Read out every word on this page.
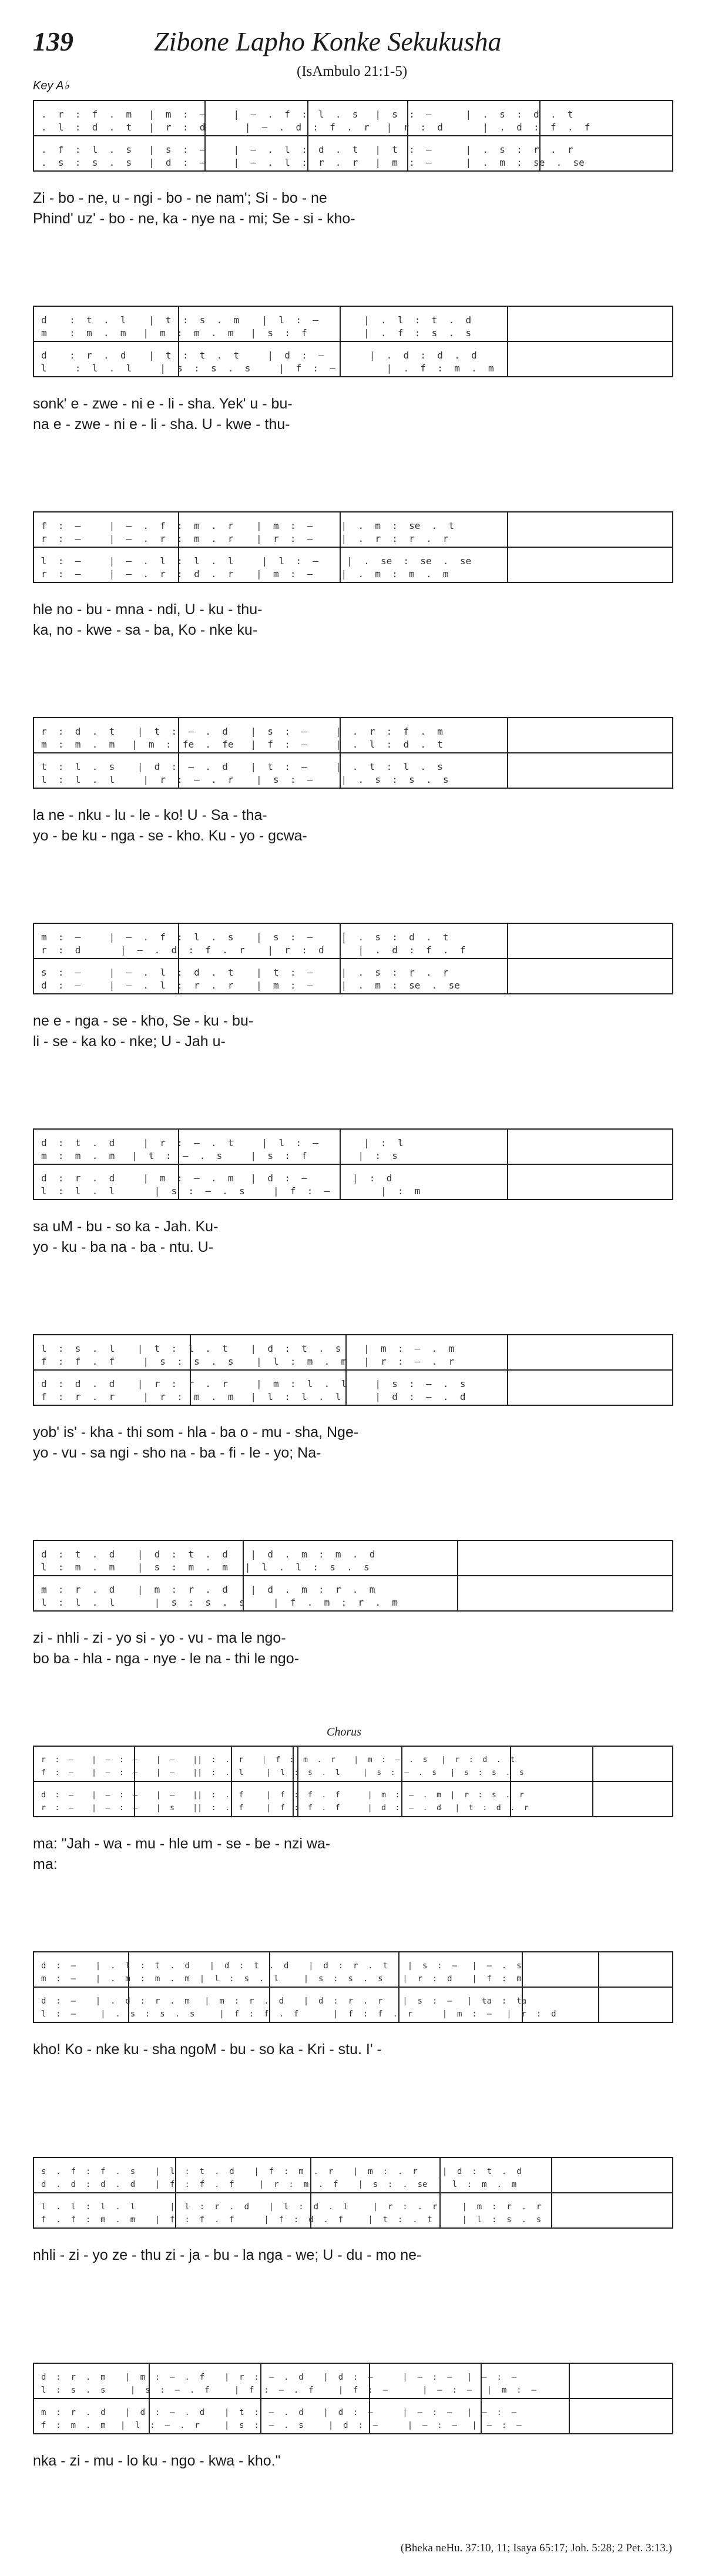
139	Zibone Lapho Konke Sekukusha
(IsAmbulo 21:1-5)
Key A♭
.  r  :  f  .  m   |  m  :  —     |  —  .  f  :  l  .  s   |  s  :  —      |  .  s  :  d  .  t
.  l  :  d  .  t   |  r  :  d       |  —  .  d  :  f  .  r   |  r  :  d       |  .  d  :  f  .  f
.  f  :  l  .  s   |  s  :  —     |  —  .  l  :  d  .  t   |  t  :  —      |  .  s  :  r  .  r
.  s  :  s  .  s   |  d  :  —     |  —  .  l  :  r  .  r   |  m  :  —      |  .  m  :  se  .  se
Zi - bo - ne, u - ngi - bo - ne nam'; Si - bo - ne
Phind' uz' - bo - ne, ka - nye na - mi; Se - si - kho-
d    :  t  .  l    |  t  :  s  .  m    |  l  :  —        |  .  l  :  t  .  d
m    :  m  .  m   |  m  :  m  .  m   |  s  :  f          |  .  f  :  s  .  s
d    :  r  .  d    |  t  :  t  .  t     |  d  :  —        |  .  d  :  d  .  d
l     :  l  .  l     |  s  :  s  .  s     |  f  :  —         |  .  f  :  m  .  m
sonk' e - zwe - ni e - li - sha. Yek' u - bu-
na e - zwe - ni e - li - sha. U - kwe - thu-
f  :  —     |  —  .  f  :  m  .  r    |  m  :  —     |  .  m  :  se  .  t
r  :  —     |  —  .  r  :  m  .  r    |  r  :  —     |  .  r  :  r  .  r
l  :  —     |  —  .  l  :  l  .  l     |  l  :  —     |  .  se  :  se  .  se
r  :  —     |  —  .  r  :  d  .  r    |  m  :  —     |  .  m  :  m  .  m
hle no - bu - mna - ndi, U - ku - thu-
ka, no - kwe - sa - ba, Ko - nke ku-
r  :  d  .  t    |  t  :  —  .  d    |  s  :  —     |  .  r  :  f  .  m
m  :  m  .  m   |  m  :  fe  .  fe   |  f  :  —     |  .  l  :  d  .  t
t  :  l  .  s    |  d  :  —  .  d    |  t  :  —     |  .  t  :  l  .  s
l  :  l  .  l     |  r  :  —  .  r    |  s  :  —     |  .  s  :  s  .  s
la ne - nku - lu - le - ko! U - Sa - tha-
yo - be ku - nga - se - kho. Ku - yo - gcwa-
m  :  —     |  —  .  f  :  l  .  s    |  s  :  —     |  .  s  :  d  .  t
r  :  d       |  —  .  d  :  f  .  r    |  r  :  d      |  .  d  :  f  .  f
s  :  —     |  —  .  l  :  d  .  t    |  t  :  —     |  .  s  :  r  .  r
d  :  —     |  —  .  l  :  r  .  r    |  m  :  —     |  .  m  :  se  .  se
ne e - nga - se - kho, Se - ku - bu-
li - se - ka ko - nke; U - Jah u-
d  :  t  .  d     |  r  :  —  .  t     |  l  :  —        |  :  l
m  :  m  .  m   |  t  :  —  .  s     |  s  :  f         |  :  s
d  :  r  .  d     |  m  :  —  .  m   |  d  :  —        |  :  d
l  :  l  .  l       |  s  :  —  .  s     |  f  :  —         |  :  m
sa uM - bu - so ka - Jah. Ku-
yo - ku - ba na - ba - ntu. U-
l  :  s  .  l    |  t  :  l  .  t    |  d  :  t  .  s    |  m  :  —  .  m
f  :  f  .  f     |  s  :  s  .  s    |  l  :  m  .  m   |  r  :  —  .  r
d  :  d  .  d    |  r  :  r  .  r     |  m  :  l  .  l     |  s  :  —  .  s
f  :  r  .  r     |  r  :  m  .  m   |  l  :  l  .  l      |  d  :  —  .  d
yob' is' - kha - thi som - hla - ba o - mu - sha, Nge-
yo - vu - sa ngi - sho na - ba - fi - le - yo; Na-
d  :  t  .  d    |  d  :  t  .  d    |  d  .  m  :  m  .  d
l  :  m  .  m    |  s  :  m  .  m   |  l  .  l  :  s  .  s
m  :  r  .  d    |  m  :  r  .  d    |  d  .  m  :  r  .  m
l  :  l  .  l       |  s  :  s  .  s     |  f  .  m  :  r  .  m
zi - nhli - zi - yo si - yo - vu - ma le ngo-
bo ba - hla - nga - nye - le na - thi le ngo-
Chorus
r  :  —    |  —  :  —    |  —    ||  :  .  r    |  f  :  m  .  r    |  m  :  —  .  s   |  r  :  d  .  t
f  :  —    |  —  :  —    |  —    ||  :  .  l     |  l  :  s  .  l     |  s  :  —  .  s   |  s  :  s  .  s
d  :  —    |  —  :  —    |  —    ||  :  .  f     |  f  :  f  .  f      |  m  :  —  .  m  |  r  :  s  .  r
r  :  —    |  —  :  —    |  s    ||  :  .  f     |  f  :  f  .  f      |  d  :  —  .  d   |  t  :  d  .  r
ma: "Jah - wa - mu - hle um - se - be - nzi wa-
ma:
d  :  —    |  .  l  :  t  .  d    |  d  :  t  .  d    |  d  :  r  .  t    |  s  :  —   |  —  .  s
m  :  —    |  .  m  :  m  .  m  |  l  :  s  .  l     |  s  :  s  .  s    |  r  :  d    |  f  :  m
d  :  —    |  .  d  :  r  .  m   |  m  :  r  .  d    |  d  :  r  .  r    |  s  :  —   |  ta  :  ta
l  :  —     |  .  s  :  s  .  s     |  f  :  f  .  f       |  f  :  f  .  r      |  m  :  —   |  r  :  d
kho! Ko - nke ku - sha ngoM - bu - so ka - Kri - stu. I' -
s  .  f  :  f  .  s    |  l  :  t  .  d    |  f  :  m  .  r    |  m  :  .  r     |  d  :  t  .  d
d  .  d  :  d  .  d    |  f  :  f  .  f     |  r  :  m  .  f    |  s  :  .  se  |  l  :  m  .  m
l  .  l  :  l  .  l       |  l  :  r  .  d    |  l  :  d  .  l     |  r  :  .  r     |  m  :  r  .  r
f  .  f  :  m  .  m    |  f  :  f  .  f      |  f  :  d  .  f     |  t  :  .  t      |  l  :  s  .  s
nhli - zi - yo ze - thu zi - ja - bu - la nga - we; U - du - mo ne-
d  :  r  .  m    |  m  :  —  .  f    |  r  :  —  .  d    |  d  :  —      |  —  :  —   |  —  :  —
l  :  s  .  s     |  s  :  —  .  f     |  f  :  —  .  f     |  f  :  —       |  —  :  —   |  m  :  —
m  :  r  .  d    |  d  :  —  .  d    |  t  :  —  .  d    |  d  :  —      |  —  :  —   |  —  :  —
f  :  m  .  m   |  l  :  —  .  r     |  s  :  —  .  s     |  d  :  —      |  —  :  —   |  —  :  —
nka - zi - mu - lo ku - ngo - kwa - kho."
(Bheka neHu. 37:10, 11; Isaya 65:17; Joh. 5:28; 2 Pet. 3:13.)
